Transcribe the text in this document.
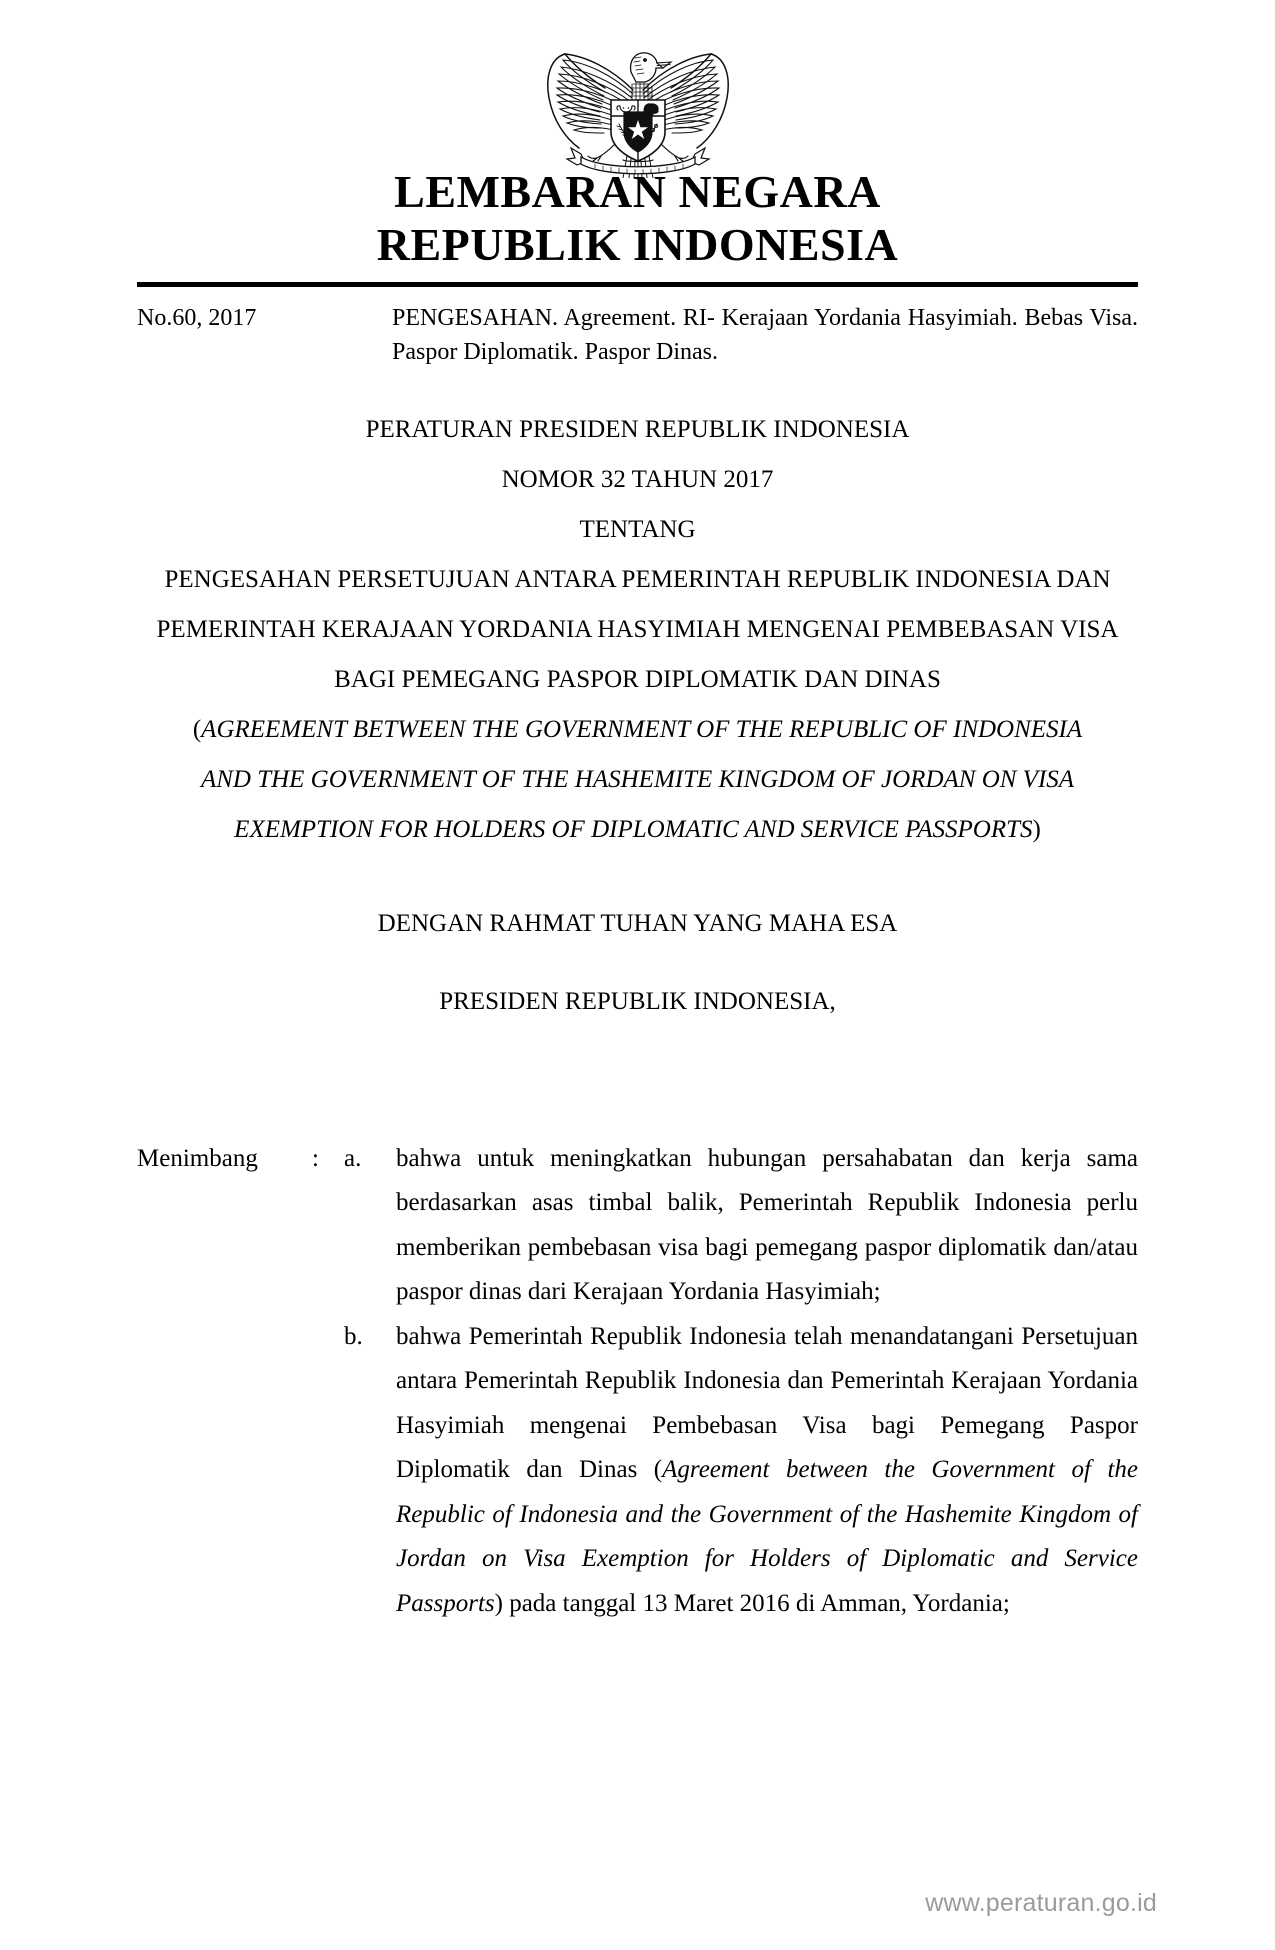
LEMBARAN NEGARA
REPUBLIK INDONESIA
No.60, 2017	PENGESAHAN. Agreement. RI- Kerajaan Yordania Hasyimiah. Bebas Visa. Paspor Diplomatik. Paspor Dinas.
PERATURAN PRESIDEN REPUBLIK INDONESIA
NOMOR 32 TAHUN 2017
TENTANG
PENGESAHAN PERSETUJUAN ANTARA PEMERINTAH REPUBLIK INDONESIA DAN
PEMERINTAH KERAJAAN YORDANIA HASYIMIAH MENGENAI PEMBEBASAN VISA
BAGI PEMEGANG PASPOR DIPLOMATIK DAN DINAS
(AGREEMENT BETWEEN THE GOVERNMENT OF THE REPUBLIC OF INDONESIA
AND THE GOVERNMENT OF THE HASHEMITE KINGDOM OF JORDAN ON VISA
EXEMPTION FOR HOLDERS OF DIPLOMATIC AND SERVICE PASSPORTS)
DENGAN RAHMAT TUHAN YANG MAHA ESA
PRESIDEN REPUBLIK INDONESIA,
Menimbang	:	a.	bahwa untuk meningkatkan hubungan persahabatan dan kerja sama berdasarkan asas timbal balik, Pemerintah Republik Indonesia perlu memberikan pembebasan visa bagi pemegang paspor diplomatik dan/atau paspor dinas dari Kerajaan Yordania Hasyimiah;
b.	bahwa Pemerintah Republik Indonesia telah menandatangani Persetujuan antara Pemerintah Republik Indonesia dan Pemerintah Kerajaan Yordania Hasyimiah mengenai Pembebasan Visa bagi Pemegang Paspor Diplomatik dan Dinas (Agreement between the Government of the Republic of Indonesia and the Government of the Hashemite Kingdom of Jordan on Visa Exemption for Holders of Diplomatic and Service Passports) pada tanggal 13 Maret 2016 di Amman, Yordania;
www.peraturan.go.id
